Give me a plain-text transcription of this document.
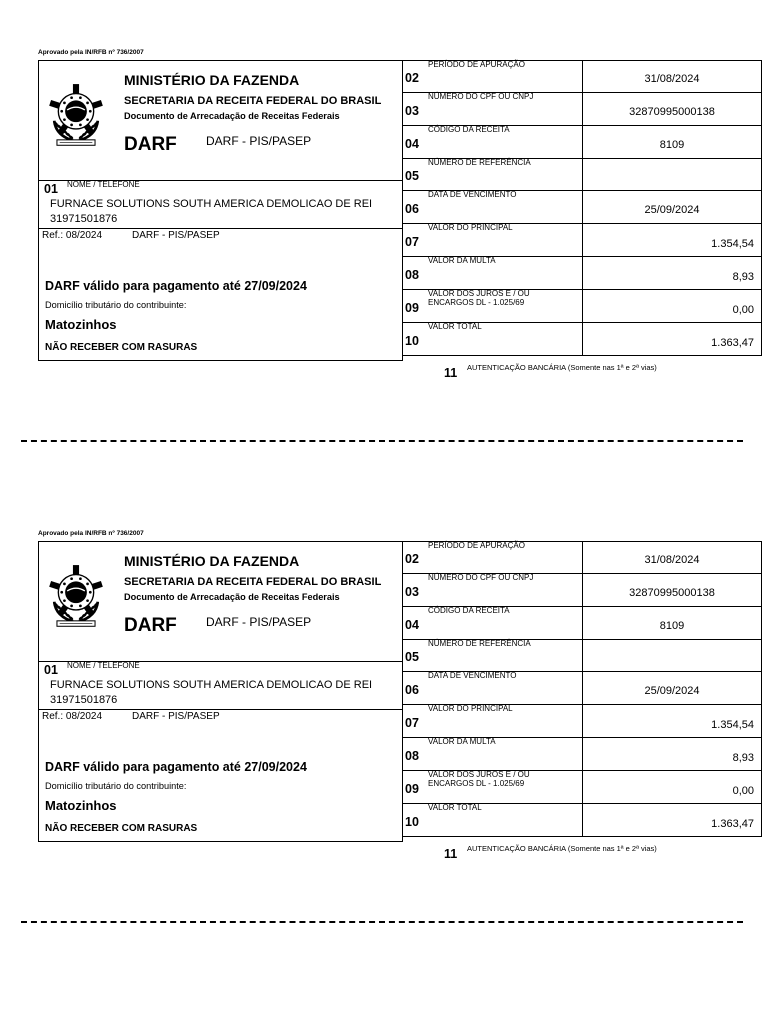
Aprovado pela IN/RFB nº 736/2007
MINISTÉRIO DA FAZENDA
SECRETARIA DA RECEITA FEDERAL DO BRASIL
Documento de Arrecadação de Receitas Federais
DARF DARF - PIS/PASEP
01 NOME / TELEFONE
FURNACE SOLUTIONS SOUTH AMERICA DEMOLICAO DE REI
31971501876
Ref.: 08/2024	DARF - PIS/PASEP
DARF válido para pagamento até 27/09/2024
Domicílio tributário do contribuinte:
Matozinhos
NÃO RECEBER COM RASURAS
02
PERÍODO DE APURAÇÃO
31/08/2024
03
NÚMERO DO CPF OU CNPJ
32870995000138
04
CÓDIGO DA RECEITA
8109
05
NÚMERO DE REFERÊNCIA
06
DATA DE VENCIMENTO
25/09/2024
07
VALOR DO PRINCIPAL
1.354,54
08
VALOR DA MULTA
8,93
09
VALOR DOS JUROS E / OU
ENCARGOS DL - 1.025/69
0,00
10
VALOR TOTAL
1.363,47
11 AUTENTICAÇÃO BANCÁRIA (Somente nas 1ª e 2ª vias)
Aprovado pela IN/RFB nº 736/2007
MINISTÉRIO DA FAZENDA
SECRETARIA DA RECEITA FEDERAL DO BRASIL
Documento de Arrecadação de Receitas Federais
DARF DARF - PIS/PASEP
01 NOME / TELEFONE
FURNACE SOLUTIONS SOUTH AMERICA DEMOLICAO DE REI
31971501876
Ref.: 08/2024	DARF - PIS/PASEP
DARF válido para pagamento até 27/09/2024
Domicílio tributário do contribuinte:
Matozinhos
NÃO RECEBER COM RASURAS
02
PERÍODO DE APURAÇÃO
31/08/2024
03
NÚMERO DO CPF OU CNPJ
32870995000138
04
CÓDIGO DA RECEITA
8109
05
NÚMERO DE REFERÊNCIA
06
DATA DE VENCIMENTO
25/09/2024
07
VALOR DO PRINCIPAL
1.354,54
08
VALOR DA MULTA
8,93
09
VALOR DOS JUROS E / OU
ENCARGOS DL - 1.025/69
0,00
10
VALOR TOTAL
1.363,47
11 AUTENTICAÇÃO BANCÁRIA (Somente nas 1ª e 2ª vias)
